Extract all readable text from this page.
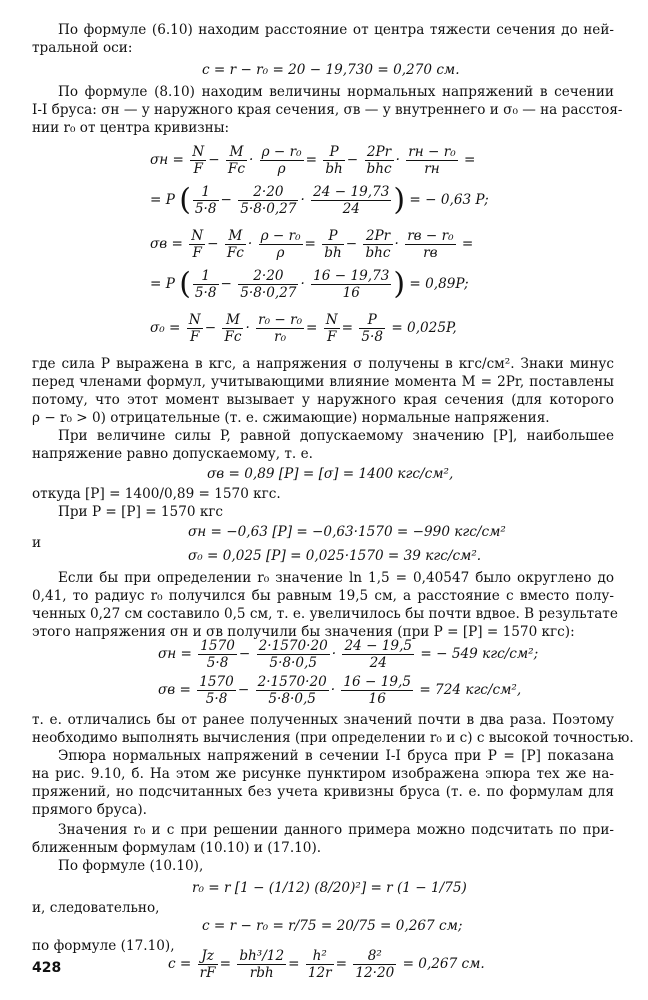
По формуле (6.10) находим расстояние от центра тяжести сечения до ней-
тральной оси:
c = r − r₀ = 20 − 19,730 = 0,270 см.
По формуле (8.10) находим величины нормальных напряжений в сечении
I-I бруса: σн — у наружного края сечения, σв — у внутреннего и σ₀ — на расстоя-
нии r₀ от центра кривизны:
$\sigma н = \frac{N}{F} - \frac{M}{Fc} \cdot \frac{\text{ρ − r₀}}{\rho} = \frac{P}{bh} - \frac{2Pr}{\text{bhc}} \cdot \frac{\text{rн − r₀}}{rн}$ =
= P ( $\frac{1}{5\cdot 8} - \frac{2\cdot 20}{5\cdot 8\cdot 0,27} \cdot \frac{24 - 19,73}{24}$ ) = − 0,63 P;
$\sigma в = \frac{N}{F} - \frac{M}{Fc} \cdot \frac{\text{ρ − r₀}}{\rho} = \frac{P}{bh} - \frac{2Pr}{\text{bhc}} \cdot \frac{\text{rв − r₀}}{rв}$ =
= P ( $\frac{1}{5\cdot 8} - \frac{2\cdot 20}{5\cdot 8\cdot 0,27} \cdot \frac{16 - 19,73}{16}$ ) = 0,89P;
$\sigma_0 = \frac{N}{F} - \frac{M}{Fc} \cdot \frac{\text{r₀ − r₀}}{\text{r₀}} = \frac{N}{F} = \frac{P}{5\cdot 8} = 0,025P$,
где сила P выражена в кгс, а напряжения σ получены в кгс/см². Знаки минус
перед членами формул, учитывающими влияние момента M = 2Pr, поставлены
потому, что этот момент вызывает у наружного края сечения (для которого
ρ − r₀ > 0) отрицательные (т. е. сжимающие) нормальные напряжения.
При величине силы P, равной допускаемому значению [P], наибольшее
напряжение равно допускаемому, т. е.
σв = 0,89 [P] = [σ] = 1400 кгс/см²,
откуда [P] = 1400/0,89 = 1570 кгс.
При P = [P] = 1570 кгс
σн = −0,63 [P] = −0,63·1570 = −990 кгс/см²
и
σ₀ = 0,025 [P] = 0,025·1570 = 39 кгс/см².
Если бы при определении r₀ значение ln 1,5 = 0,40547 было округлено до
0,41, то радиус r₀ получился бы равным 19,5 см, а расстояние c вместо полу-
ченных 0,27 см составило 0,5 см, т. е. увеличилось бы почти вдвое. В результате
этого напряжения σн и σв получили бы значения (при P = [P] = 1570 кгс):
$\sigma н = \frac{1570}{5\cdot 8} - \frac{2\cdot 1570\cdot 20}{5\cdot 8\cdot 0,5} \cdot \frac{24 - 19,5}{24}$ = − 549 кгс/см²;
$\sigma в = \frac{1570}{5\cdot 8} - \frac{2\cdot 1570\cdot 20}{5\cdot 8\cdot 0,5} \cdot \frac{16 - 19,5}{16} = 724$ кгс/см²,
т. е. отличались бы от ранее полученных значений почти в два раза. Поэтому
необходимо выполнять вычисления (при определении r₀ и c) с высокой точностью.
Эпюра нормальных напряжений в сечении I-I бруса при P = [P] показана
на рис. 9.10, б. На этом же рисунке пунктиром изображена эпюра тех же на-
пряжений, но подсчитанных без учета кривизны бруса (т. е. по формулам для
прямого бруса).
Значения r₀ и c при решении данного примера можно подсчитать по при-
ближенным формулам (10.10) и (17.10).
По формуле (10.10),
r₀ = r [1 − (1/12) (8/20)²] = r (1 − 1/75)
и, следовательно,
c = r − r₀ = r/75 = 20/75 = 0,267 см;
по формуле (17.10),
$c = \frac{Jz}{rF} = \frac{\text{bh³/12}}{\text{rbh}} = \frac{\text{h²}}{12r} = \frac{\text{8²}}{12\cdot 20} = 0,267$ см.
428
